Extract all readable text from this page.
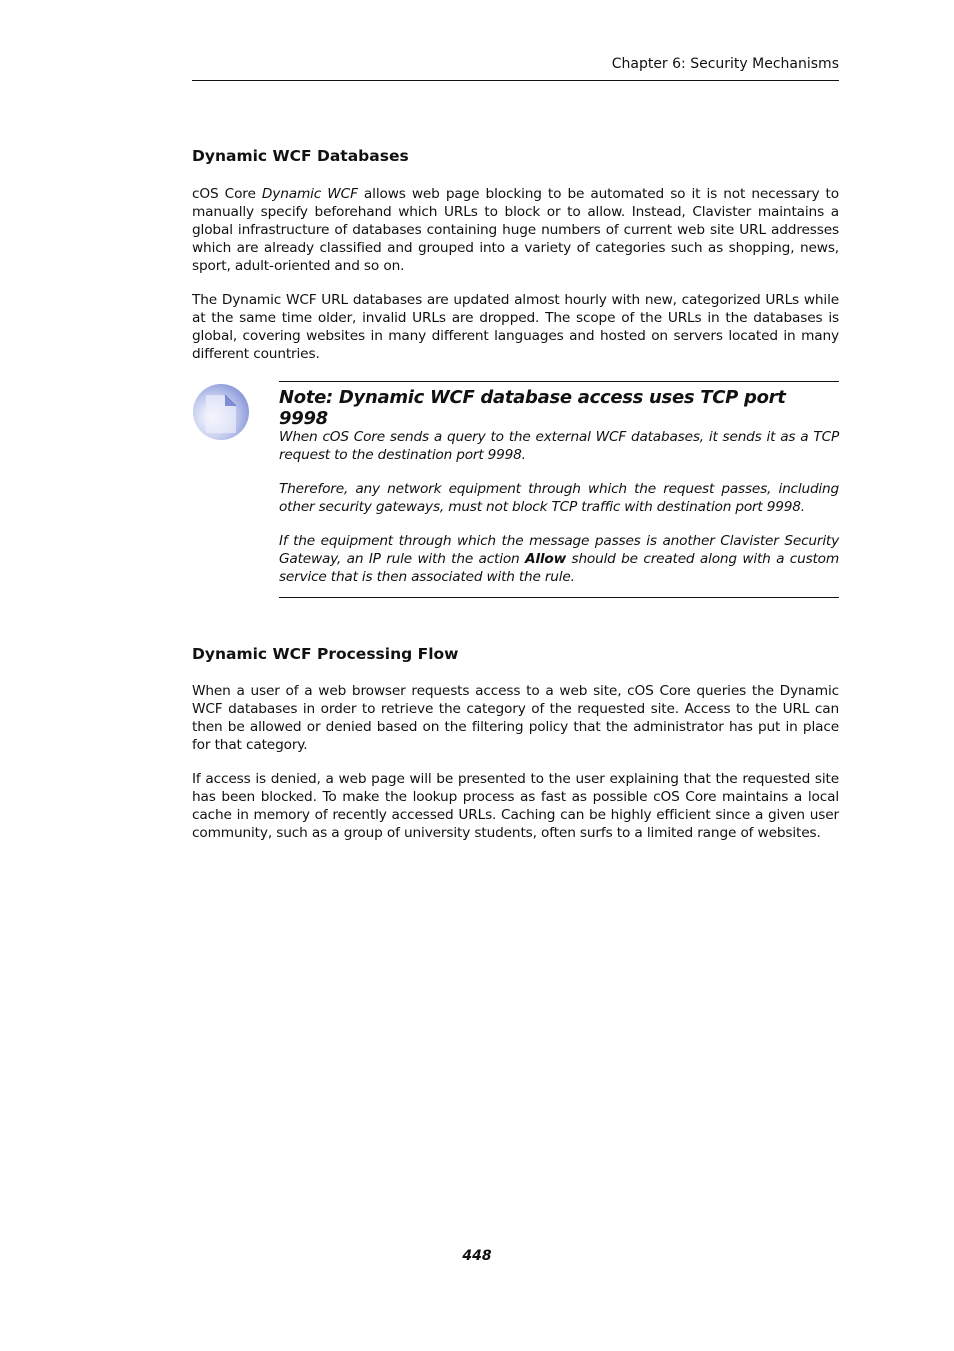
Chapter 6: Security Mechanisms
Dynamic WCF Databases

cOS Core Dynamic WCF allows web page blocking to be automated so it is not necessary to manually specify beforehand which URLs to block or to allow. Instead, Clavister maintains a global infrastructure of databases containing huge numbers of current web site URL addresses which are already classified and grouped into a variety of categories such as shopping, news, sport, adult-oriented and so on.

The Dynamic WCF URL databases are updated almost hourly with new, categorized URLs while at the same time older, invalid URLs are dropped. The scope of the URLs in the databases is global, covering websites in many different languages and hosted on servers located in many different countries.

Note: Dynamic WCF database access uses TCP port 9998

When cOS Core sends a query to the external WCF databases, it sends it as a TCP request to the destination port 9998.

Therefore, any network equipment through which the request passes, including other security gateways, must not block TCP traffic with destination port 9998.

If the equipment through which the message passes is another Clavister Security Gateway, an IP rule with the action Allow should be created along with a custom service that is then associated with the rule.

Dynamic WCF Processing Flow

When a user of a web browser requests access to a web site, cOS Core queries the Dynamic WCF databases in order to retrieve the category of the requested site. Access to the URL can then be allowed or denied based on the filtering policy that the administrator has put in place for that category.

If access is denied, a web page will be presented to the user explaining that the requested site has been blocked. To make the lookup process as fast as possible cOS Core maintains a local cache in memory of recently accessed URLs. Caching can be highly efficient since a given user community, such as a group of university students, often surfs to a limited range of websites.

448
